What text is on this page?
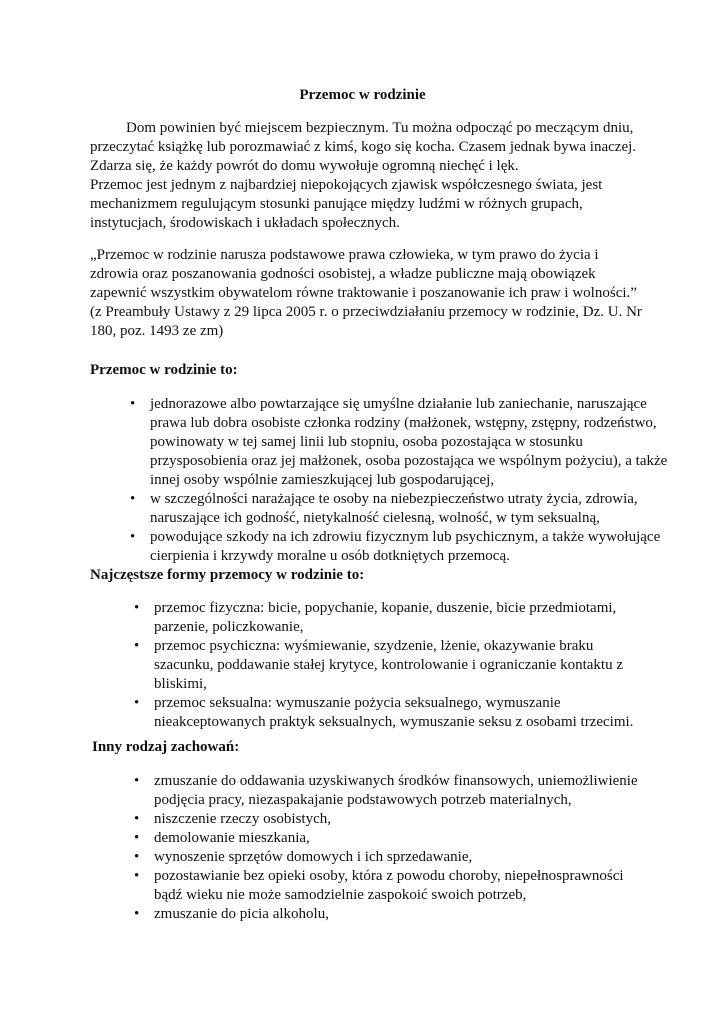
Przemoc w rodzinie
Dom powinien być miejscem bezpiecznym. Tu można odpocząć po meczącym dniu, przeczytać książkę lub porozmawiać z kimś, kogo się kocha. Czasem jednak bywa inaczej. Zdarza się, że każdy powrót do domu wywołuje ogromną niechęć i lęk.
Przemoc jest jednym z najbardziej niepokojących zjawisk współczesnego świata, jest mechanizmem regulującym stosunki panujące między ludźmi w różnych grupach, instytucjach, środowiskach i układach społecznych.
„Przemoc w rodzinie narusza podstawowe prawa człowieka, w tym prawo do życia i zdrowia oraz poszanowania godności osobistej, a władze publiczne mają obowiązek zapewnić wszystkim obywatelom równe traktowanie i poszanowanie ich praw i wolności.”
(z Preambuły Ustawy z 29 lipca 2005 r. o przeciwdziałaniu przemocy w rodzinie, Dz. U. Nr 180, poz. 1493 ze zm)
Przemoc w rodzinie to:
• jednorazowe albo powtarzające się umyślne działanie lub zaniechanie, naruszające prawa lub dobra osobiste członka rodziny (małżonek, wstępny, zstępny, rodzeństwo, powinowaty w tej samej linii lub stopniu, osoba pozostająca w stosunku przysposobienia oraz jej małżonek, osoba pozostająca we wspólnym pożyciu), a także innej osoby wspólnie zamieszkującej lub gospodarującej,
• w szczególności narażające te osoby na niebezpieczeństwo utraty życia, zdrowia, naruszające ich godność, nietykalność cielesną, wolność, w tym seksualną,
• powodujące szkody na ich zdrowiu fizycznym lub psychicznym, a także wywołujące cierpienia i krzywdy moralne u osób dotkniętych przemocą.
Najczęstsze formy przemocy w rodzinie to:
• przemoc fizyczna: bicie, popychanie, kopanie, duszenie, bicie przedmiotami, parzenie, policzkowanie,
• przemoc psychiczna: wyśmiewanie, szydzenie, lżenie, okazywanie braku szacunku, poddawanie stałej krytyce, kontrolowanie i ograniczanie kontaktu z bliskimi,
• przemoc seksualna: wymuszanie pożycia seksualnego, wymuszanie nieakceptowanych praktyk seksualnych, wymuszanie seksu z osobami trzecimi.
Inny rodzaj zachowań:
• zmuszanie do oddawania uzyskiwanych środków finansowych, uniemożliwienie podjęcia pracy, niezaspakajanie podstawowych potrzeb materialnych,
• niszczenie rzeczy osobistych,
• demolowanie mieszkania,
• wynoszenie sprzętów domowych i ich sprzedawanie,
• pozostawianie bez opieki osoby, która z powodu choroby, niepełnosprawności bądź wieku nie może samodzielnie zaspokoić swoich potrzeb,
• zmuszanie do picia alkoholu,
